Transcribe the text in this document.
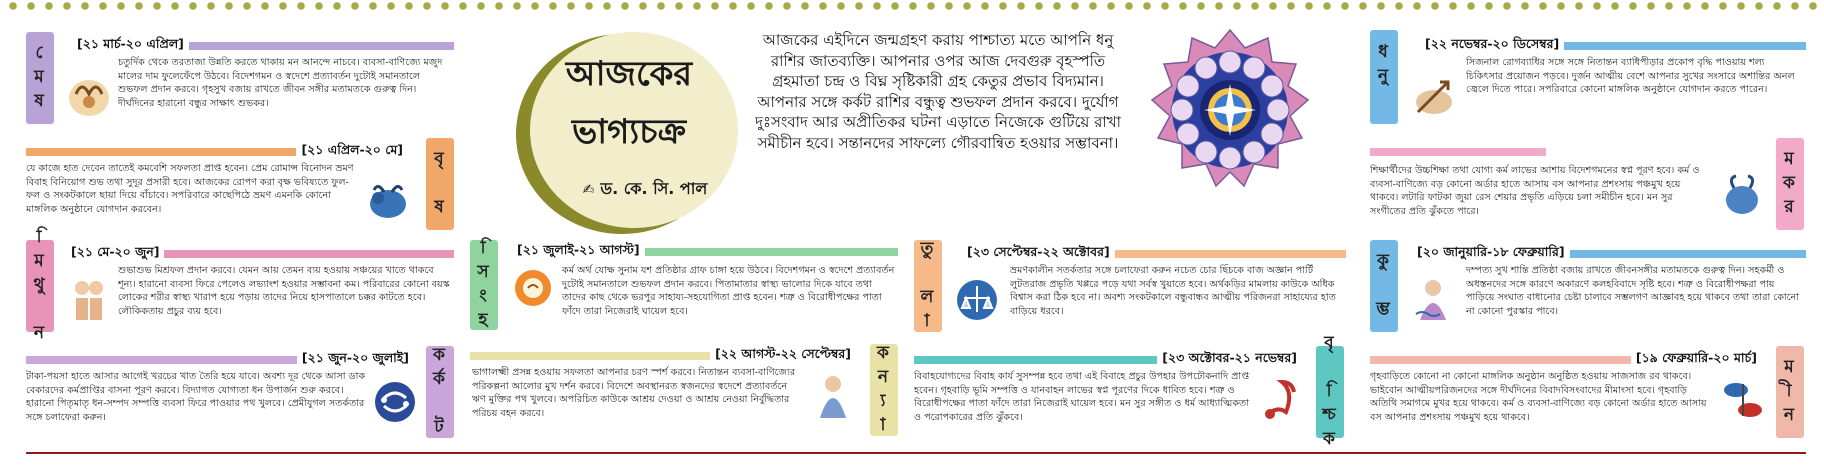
আজকের
ভাগ্যচক্র
✍ ড. কে. সি. পাল
আজকের এইদিনে জন্মগ্রহণ করায় পাশ্চাত্য মতে আপনি ধনু রাশির জাতব্যক্তি। আপনার ওপর আজ দেবগুরু বৃহস্পতি গ্রহমাতা চন্দ্র ও বিঘ্ন সৃষ্টিকারী গ্রহ কেতুর প্রভাব বিদ্যমান। আপনার সঙ্গে কর্কট রাশির বন্ধুত্ব শুভফল প্রদান করবে। দুর্যোগ দুঃসংবাদ আর অপ্রীতিকর ঘটনা এড়াতে নিজেকে গুটিয়ে রাখা সমীচীন হবে। সন্তানদের সাফল্যে গৌরবান্বিত হওয়ার সম্ভাবনা।
মেষ	[২১ মার্চ-২০ এপ্রিল]
চতুর্দিক থেকে তরতাজা উন্নতি করতে থাকায় মন আনন্দে নাচবে। ব্যবসা-বাণিজ্যে মজুদ মালের দাম ফুলেফেঁপে উঠবে। বিদেশগমন ও স্বদেশে প্রত্যাবর্তন দুটোই সমানতালে শুভফল প্রদান করবে। গৃহসুখ বজায় রাখতে জীবন সঙ্গীর মতামতকে গুরুত্ব দিন। দীর্ঘদিনের হারানো বন্ধুর সাক্ষাৎ শুভকর।
[২১ এপ্রিল-২০ মে] বৃষ
যে কাজে হাত দেবেন তাতেই কমবেশি সফলতা প্রাপ্ত হবেন। প্রেম রোমান্স বিনোদন ভ্রমণ বিবাহ বিনিয়োগ শুভ তথা সুদূর প্রসারী হবে। আজকের রোপণ করা বৃক্ষ ভবিষ্যতে ফুল-ফল ও সংকটকালে ছায়া দিয়ে বাঁচাবে। সপরিবারে কাছেপিঠে ভ্রমণ এমনকি কোনো মাঙ্গলিক অনুষ্ঠানে যোগদান করবেন।
মিথুন	[২১ মে-২০ জুন]
শুভাশুভ মিশ্রফল প্রদান করবে। যেমন আয় তেমন ব্যয় হওয়ায় সঞ্চয়ের খাতে থাকবে শূন্য। হারানো ব্যবসা ফিরে পেলেও লভ্যাংশ হওয়ার সম্ভাবনা কম। পরিবারের কোনো বয়স্ক লোকের শরীর স্বাস্থ্য খারাপ হয়ে পড়ায় তাদের নিয়ে হাসপাতালে চক্কর কাটতে হবে। লৌকিকতায় প্রচুর ব্যয় হবে।
[২১ জুন-২০ জুলাই] কর্কট
টাকা-পয়সা হাতে আসার আগেই খরচের খাত তৈরি হয়ে যাবে। অবশ্য দূর থেকে আসা ডাক বেকারদের কর্মপ্রাপ্তির বাসনা পূরণ করবে। বিদ্যাগত যোগ্যতা ধন উপার্জন শুরু করবে। হারানো পিতৃমাতৃ ধন-সম্পদ সম্পত্তি ব্যবসা ফিরে পাওয়ার পথ খুলবে। প্রেমীযুগল সতর্কতার সঙ্গে চলাফেরা করুন।
সিংহ	[২১ জুলাই-২১ আগস্ট]
কর্ম অর্থ যোক্ষ সুনাম যশ প্রতিষ্ঠার গ্রাফ চাঙ্গা হয়ে উঠবে। বিদেশগমন ও স্বদেশে প্রত্যাবর্তন দুটোই সমানতালে শুভফল প্রদান করবে। পিতামাতার স্বাস্থ্য ভালোর দিকে যাবে তথা তাদের কাছ থেকে ভরপুর সাহায্য-সহযোগিতা প্রাপ্ত হবেন। শত্রু ও বিরোধীপক্ষের পাতা ফাঁদে তারা নিজেরাই ঘায়েল হবে।
[২২ আগস্ট-২২ সেপ্টেম্বর] কন্যা
ভাগালক্ষ্মী প্রসন্ন হওয়ায় সফলতা আপনার চরণ স্পর্শ করবে। নিতান্তন ব্যবসা-বাণিজ্যের পরিকল্পনা আলোর মুখ দর্শন করবে। বিদেশে অবস্থানরত স্বজনদের স্বদেশে প্রত্যাবর্তনে ঋণ মুক্তির পথ খুলবে। অপরিচিত কাউকে আশ্রয় দেওয়া ও আশ্রয় নেওয়া নির্বুদ্ধিতার পরিচয় বহন করবে।
তুলা	[২৩ সেপ্টেম্বর-২২ অক্টোবর]
ভ্রমণকালীন সতর্কতার সঙ্গে চলাফেরা করুন নচেত চোর ছিঁচকে বাজ অজ্ঞান পার্টি লুটতরাজ প্রভৃতি খপ্পরে পড়ে যথা সর্বস্ব খুয়াতে হবে। অর্থকড়ির মামলায় কাউকে অধিক বিশ্বাস করা ঠিক হবে না। অবশ্য সংকটকালে বন্ধুবান্ধব আত্মীয় পরিজনরা সাহায্যের হাত বাড়িয়ে ধরবে।
[২৩ অক্টোবর-২১ নভেম্বর] বৃশ্চিক
বিবাহযোগ্যদের বিবাহ কার্য সুসম্পন্ন হবে তথা এই বিবাহে প্রচুর উপহার উপঢৌকনাদি প্রাপ্ত হবেন। গৃহবাড়ি ভূমি সম্পত্তি ও যানবাহন লাভের স্বপ্ন পূরণের দিকে ধাবিত হবে। শত্রু ও বিরোধীপক্ষের পাতা ফাঁদে তারা নিজেরাই ঘায়েল হবে। মন সুর সঙ্গীত ও ধর্ম আধ্যাত্মিকতা ও পরোপকারের প্রতি ঝুঁকবে।
ধনু	[২২ নভেম্বর-২০ ডিসেম্বর]
সিজনাল রোগব্যাধির সঙ্গে সঙ্গে নিতান্তন ব্যাধিপীড়ার প্রকোপ বৃদ্ধি পাওয়ায় শল্য চিকিৎসার প্রয়োজন পড়বে। দুর্জন আত্মীয় বেশে আপনার সুখের সংসারে অশান্তির অনল জ্বেলে দিতে পারে। সপরিবারে কোনো মাঙ্গলিক অনুষ্ঠানে যোগদান করতে পারেন।
মকর
শিক্ষার্থীদের উচ্চশিক্ষা তথা যোগ্য কর্ম লাভের আশায় বিদেশগমনের স্বপ্ন পূরণ হবে। কর্ম ও ব্যবসা-বাণিজ্যে বড় কোনো অর্ডার হাতে আসায় বস আপনার প্রশংসায় পঞ্চমুখ হয়ে থাকবে। লটারি ফাটকা জুয়া রেস শেয়ার প্রভৃতি এড়িয়ে চলা সমীচীন হবে। মন সুর সংগীতের প্রতি ঝুঁকতে পারে।
কুম্ভ	[২০ জানুয়ারি-১৮ ফেব্রুয়ারি]
দম্পত্য সুখ শান্তি প্রতিষ্ঠা বজায় রাখতে জীবনসঙ্গীর মতামতকে গুরুত্ব দিন। সহকর্মী ও অধস্তনদের সঙ্গে কারণে অকারণে কলহবিবাদে সৃষ্টি হবে। শত্রু ও বিরোধীপক্ষরা পায় পাড়িয়ে সংঘাত বাধানোর চেষ্টা চালাবে সম্ভলগণ আজ্ঞাবহ হয়ে থাকবে তথা তারা কোনো না কোনো পুরস্কার পাবে।
[১৯ ফেব্রুয়ারি-২০ মার্চ] মীন
গৃহবাড়িতে কোনো না কোনো মাঙ্গলিক অনুষ্ঠান অনুষ্ঠিত হওয়ায় সাজসাজ রব থাকবে। ভাইবোন আত্মীয়পরিজনদের সঙ্গে দীর্ঘদিনের বিবাদবিসংবাদের মীমাংসা হবে। গৃহবাড়ি অতিথি সমাগমে মুখর হয়ে থাকবে। কর্ম ও ব্যবসা-বাণিজ্যে বড় কোনো অর্ডার হাতে আসায় বস আপনার প্রশংসায় পঞ্চমুখ হয়ে থাকবে।
